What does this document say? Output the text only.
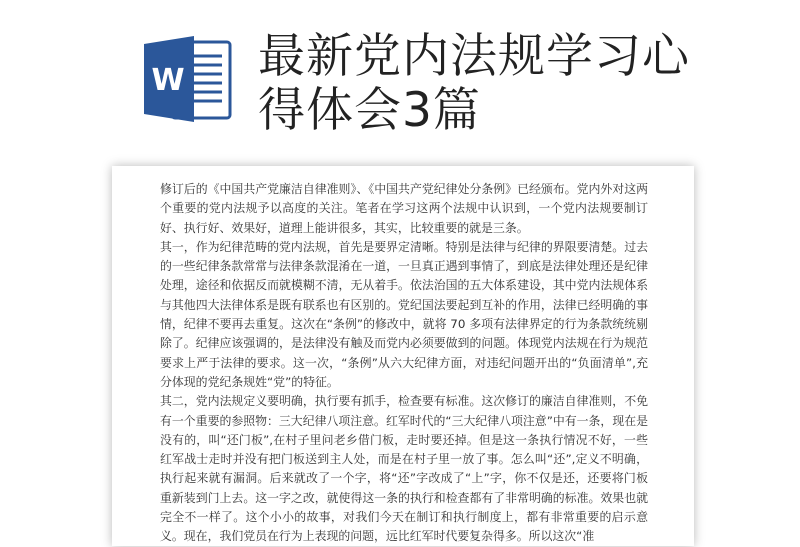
W 最新党内法规学习心
得体会3篇

修订后的《中国共产党廉洁自律准则》、《中国共产党纪律处分条例》已经颁布。党内外对这两个重要的党内法规予以高度的关注。笔者在学习这两个法规中认识到，一个党内法规要制订好、执行好、效果好，道理上能讲很多，其实，比较重要的就是三条。

其一，作为纪律范畴的党内法规，首先是要界定清晰。特别是法律与纪律的界限要清楚。过去的一些纪律条款常常与法律条款混淆在一道，一旦真正遇到事情了，到底是法律处理还是纪律处理，途径和依据反而就模糊不清，无从着手。依法治国的五大体系建设，其中党内法规体系与其他四大法律体系是既有联系也有区别的。党纪国法要起到互补的作用，法律已经明确的事情，纪律不要再去重复。这次在“条例”的修改中，就将 70 多项有法律界定的行为条款统统剔除了。纪律应该强调的，是法律没有触及而党内必须要做到的问题。体现党内法规在行为规范要求上严于法律的要求。这一次，“条例”从六大纪律方面，对违纪问题开出的“负面清单”,充分体现的党纪条规姓“党”的特征。

其二，党内法规定义要明确，执行要有抓手，检查要有标准。这次修订的廉洁自律准则，不免有一个重要的参照物：三大纪律八项注意。红军时代的“三大纪律八项注意”中有一条，现在是没有的，叫“还门板”,在村子里问老乡借门板，走时要还掉。但是这一条执行情况不好，一些红军战士走时并没有把门板送到主人处，而是在村子里一放了事。怎么叫“还”,定义不明确，执行起来就有漏洞。后来就改了一个字，将“还”字改成了“上”字，你不仅是还，还要将门板重新装到门上去。这一字之改，就使得这一条的执行和检查都有了非常明确的标准。效果也就完全不一样了。这个小小的故事，对我们今天在制订和执行制度上，都有非常重要的启示意义。现在，我们党员在行为上表现的问题，远比红军时代要复杂得多。所以这次“准
